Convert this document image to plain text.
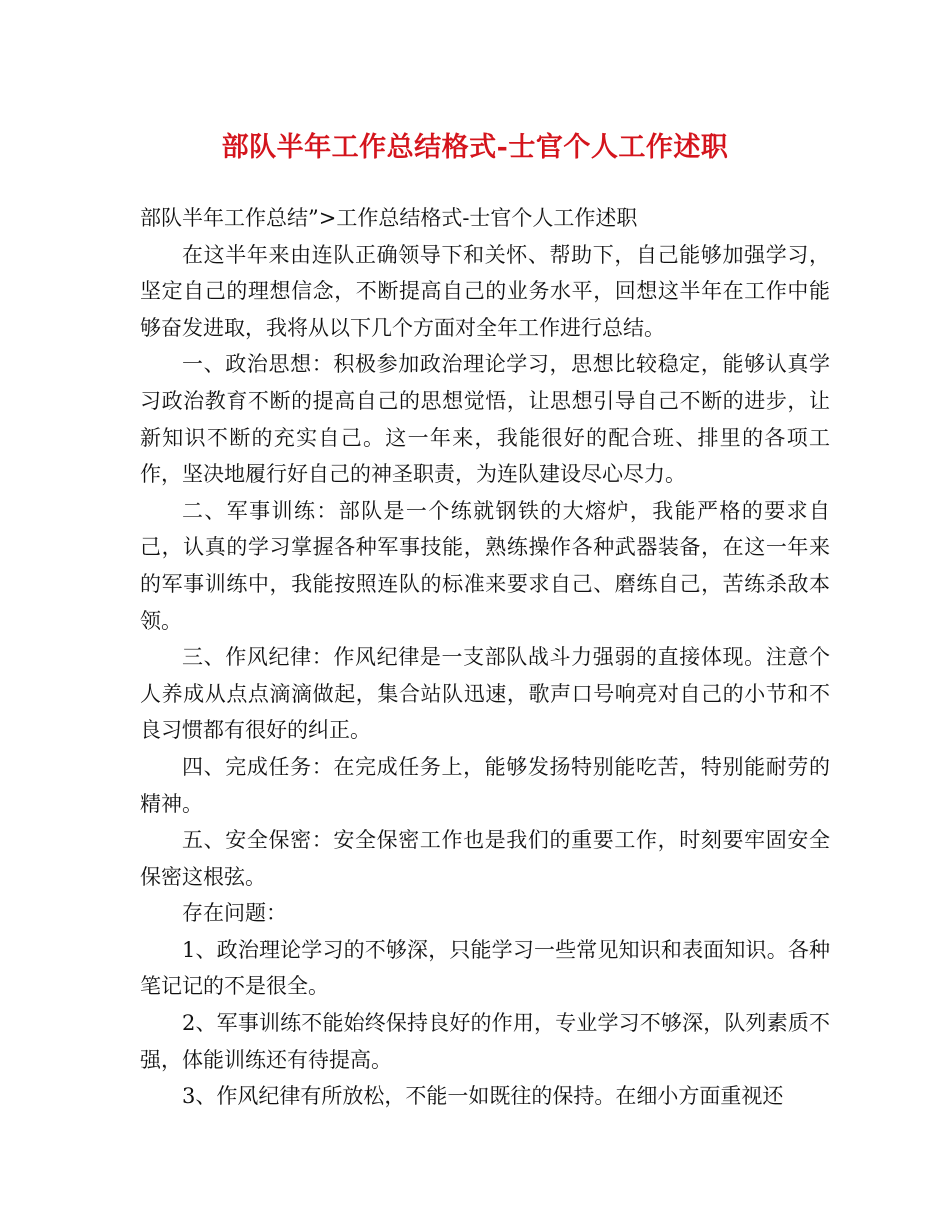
部队半年工作总结格式-士官个人工作述职

部队半年工作总结”>工作总结格式-士官个人工作述职

在这半年来由连队正确领导下和关怀、帮助下，自己能够加强学习，坚定自己的理想信念，不断提高自己的业务水平，回想这半年在工作中能够奋发进取，我将从以下几个方面对全年工作进行总结。

一、政治思想：积极参加政治理论学习，思想比较稳定，能够认真学习政治教育不断的提高自己的思想觉悟，让思想引导自己不断的进步，让新知识不断的充实自己。这一年来，我能很好的配合班、排里的各项工作，坚决地履行好自己的神圣职责，为连队建设尽心尽力。

二、军事训练：部队是一个练就钢铁的大熔炉，我能严格的要求自己，认真的学习掌握各种军事技能，熟练操作各种武器装备，在这一年来的军事训练中，我能按照连队的标准来要求自己、磨练自己，苦练杀敌本领。

三、作风纪律：作风纪律是一支部队战斗力强弱的直接体现。注意个人养成从点点滴滴做起，集合站队迅速，歌声口号响亮对自己的小节和不良习惯都有很好的纠正。

四、完成任务：在完成任务上，能够发扬特别能吃苦，特别能耐劳的精神。

五、安全保密：安全保密工作也是我们的重要工作，时刻要牢固安全保密这根弦。

存在问题：

1、政治理论学习的不够深，只能学习一些常见知识和表面知识。各种笔记记的不是很全。

2、军事训练不能始终保持良好的作用，专业学习不够深，队列素质不强，体能训练还有待提高。

3、作风纪律有所放松，不能一如既往的保持。在细小方面重视还
